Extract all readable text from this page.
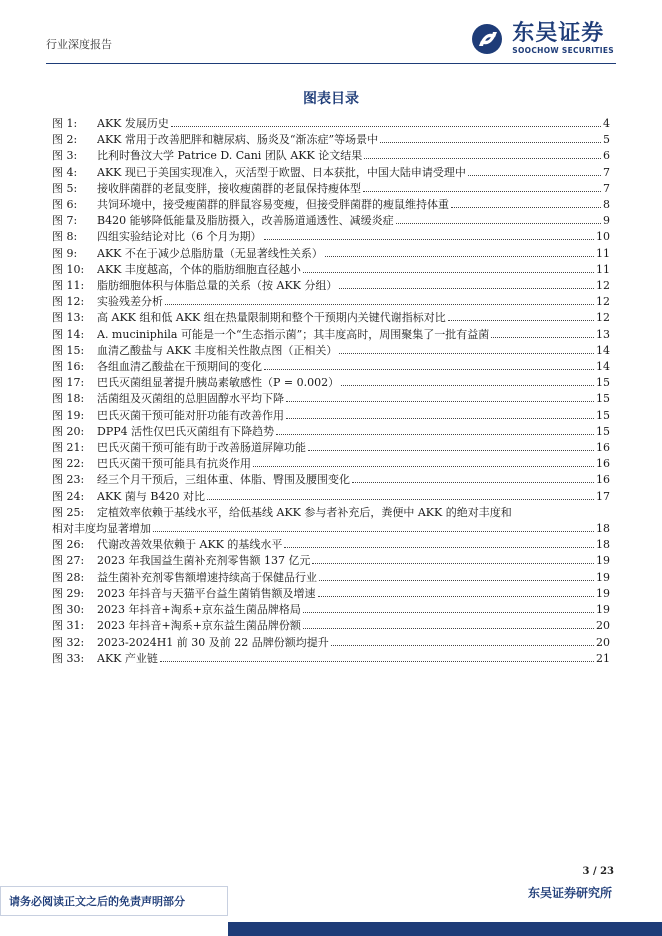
行业深度报告	东吴证券
SOOCHOW SECURITIES
图表目录
图 1:	AKK 发展历史	4
图 2:	AKK 常用于改善肥胖和糖尿病、肠炎及“渐冻症”等场景中	5
图 3:	比利时鲁汶大学 Patrice D. Cani 团队 AKK 论文结果	6
图 4:	AKK 现已于美国实现准入，灭活型于欧盟、日本获批，中国大陆申请受理中	7
图 5:	接收胖菌群的老鼠变胖，接收瘦菌群的老鼠保持瘦体型	7
图 6:	共饲环境中，接受瘦菌群的胖鼠容易变瘦，但接受胖菌群的瘦鼠维持体重	8
图 7:	B420 能够降低能量及脂肪摄入，改善肠道通透性、减缓炎症	9
图 8:	四组实验结论对比（6 个月为期）	10
图 9:	AKK 不在于减少总脂肪量（无显著线性关系）	11
图 10:	AKK 丰度越高，个体的脂肪细胞直径越小	11
图 11:	脂肪细胞体积与体脂总量的关系（按 AKK 分组）	12
图 12:	实验残差分析	12
图 13:	高 AKK 组和低 AKK 组在热量限制期和整个干预期内关键代谢指标对比	12
图 14:	A. muciniphila 可能是一个“生态指示菌”；其丰度高时，周围聚集了一批有益菌	13
图 15:	血清乙酸盐与 AKK 丰度相关性散点图（正相关）	14
图 16:	各组血清乙酸盐在干预期间的变化	14
图 17:	巴氏灭菌组显著提升胰岛素敏感性（P = 0.002）	15
图 18:	活菌组及灭菌组的总胆固醇水平均下降	15
图 19:	巴氏灭菌干预可能对肝功能有改善作用	15
图 20:	DPP4 活性仅巴氏灭菌组有下降趋势	15
图 21:	巴氏灭菌干预可能有助于改善肠道屏障功能	16
图 22:	巴氏灭菌干预可能具有抗炎作用	16
图 23:	经三个月干预后，三组体重、体脂、臀围及腰围变化	16
图 24:	AKK 菌与 B420 对比	17
图 25:	定植效率依赖于基线水平，给低基线 AKK 参与者补充后，粪便中 AKK 的绝对丰度和
相对丰度均显著增加	18
图 26:	代谢改善效果依赖于 AKK 的基线水平	18
图 27:	2023 年我国益生菌补充剂零售额 137 亿元	19
图 28:	益生菌补充剂零售额增速持续高于保健品行业	19
图 29:	2023 年抖音与天猫平台益生菌销售额及增速	19
图 30:	2023 年抖音+淘系+京东益生菌品牌格局	19
图 31:	2023 年抖音+淘系+京东益生菌品牌份额	20
图 32:	2023-2024H1 前 30 及前 22 品牌份额均提升	20
图 33:	AKK 产业链	21
3 / 23
东吴证券研究所
请务必阅读正文之后的免责声明部分
